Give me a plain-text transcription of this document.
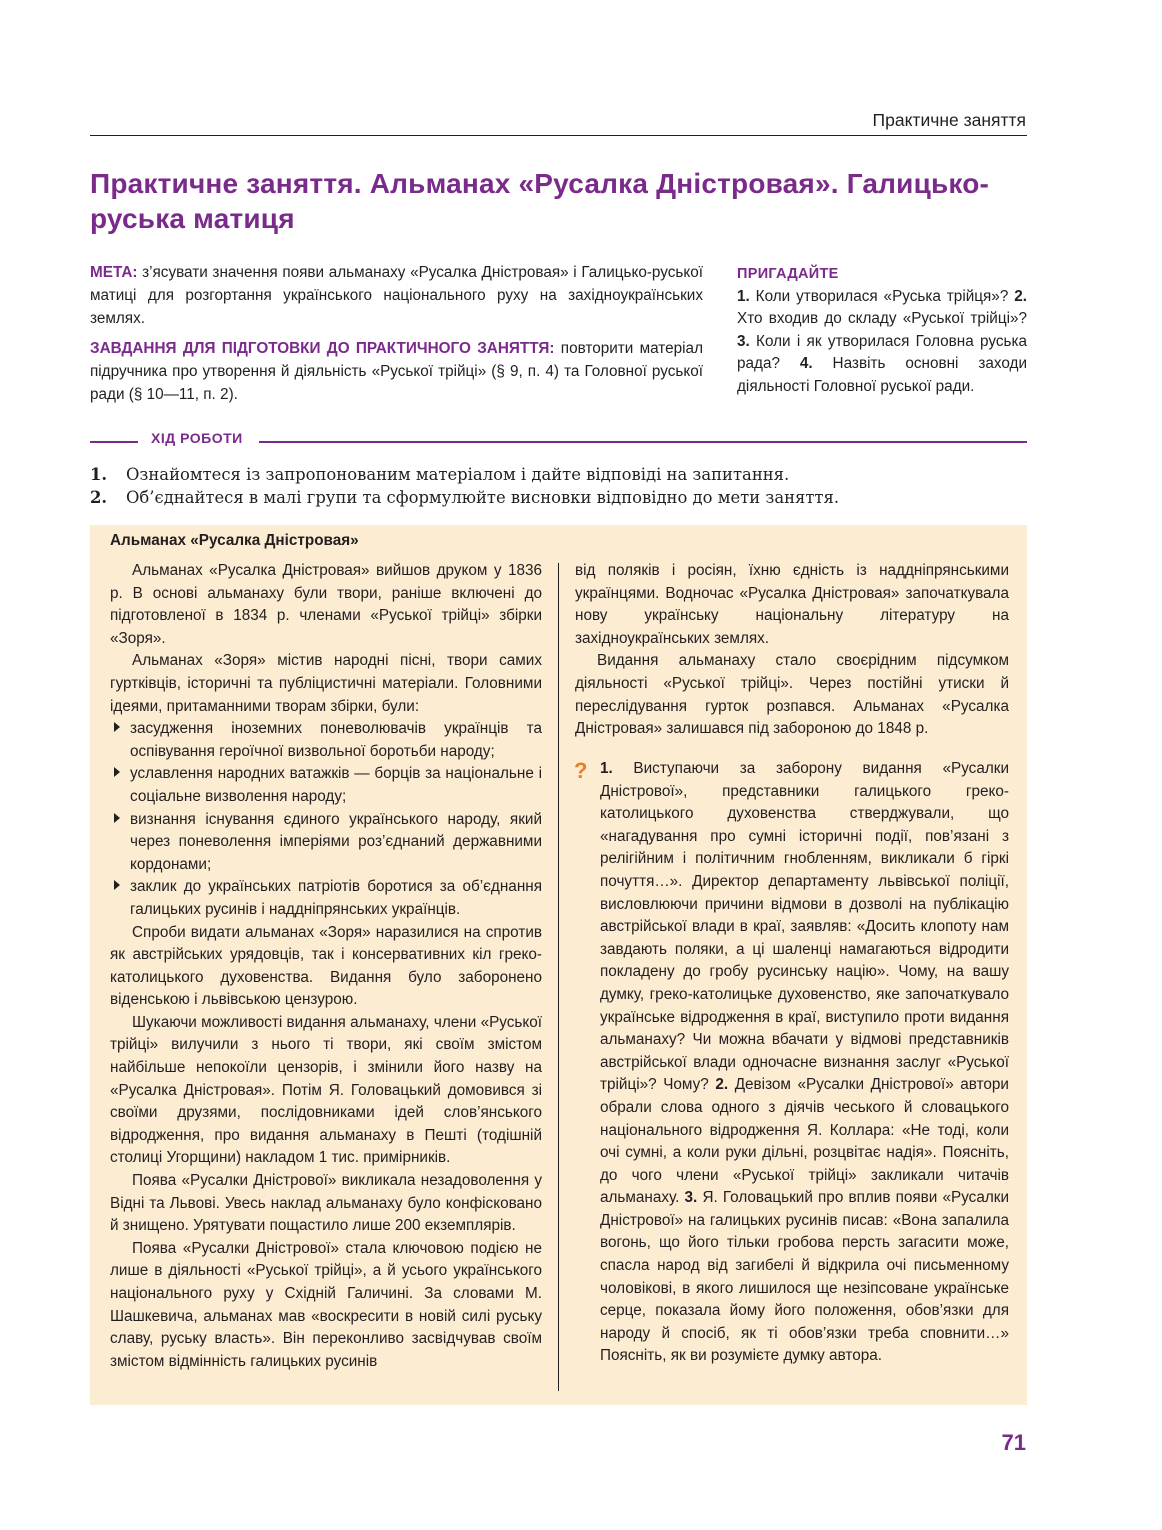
Практичне заняття
Практичне заняття. Альманах «Русалка Дністровая». Галицько-руська матиця
МЕТА: з’ясувати значення появи альманаху «Русалка Дністровая» і Галицько-руської матиці для розгортання українського національного руху на західноукраїнських землях.
ЗАВДАННЯ ДЛЯ ПІДГОТОВКИ ДО ПРАКТИЧНОГО ЗАНЯТТЯ: повторити матеріал підручника про утворення й діяльність «Руської трійці» (§ 9, п. 4) та Головної руської ради (§ 10—11, п. 2).
ПРИГАДАЙТЕ
1. Коли утворилася «Руська трійця»? 2. Хто входив до складу «Руської трійці»? 3. Коли і як утворилася Головна руська рада? 4. Назвіть основні заходи діяльності Головної руської ради.
ХІД РОБОТИ
1.	Ознайомтеся із запропонованим матеріалом і дайте відповіді на запитання.
2.	Об’єднайтеся в малі групи та сформулюйте висновки відповідно до мети заняття.
Альманах «Русалка Дністровая»

Альманах «Русалка Дністровая» вийшов друком у 1836 р. В основі альманаху були твори, раніше включені до підготовленої в 1834 р. членами «Руської трійці» збірки «Зоря».

Альманах «Зоря» містив народні пісні, твори самих гуртківців, історичні та публіцистичні матеріали. Головними ідеями, притаманними творам збірки, були:

засудження іноземних поневолювачів українців та оспівування героїчної визвольної боротьби народу;
уславлення народних ватажків — борців за національне і соціальне визволення народу;
визнання існування єдиного українського народу, який через поневолення імперіями роз’єднаний державними кордонами;
заклик до українських патріотів боротися за об’єднання галицьких русинів і наддніпрянських українців.

Спроби видати альманах «Зоря» наразилися на спротив як австрійських урядовців, так і консервативних кіл греко-католицького духовенства. Видання було заборонено віденською і львівською цензурою.

Шукаючи можливості видання альманаху, члени «Руської трійці» вилучили з нього ті твори, які своїм змістом найбільше непокоїли цензорів, і змінили його назву на «Русалка Дністровая». Потім Я. Головацький домовився зі своїми друзями, послідовниками ідей слов’янського відродження, про видання альманаху в Пешті (тодішній столиці Угорщини) накладом 1 тис. примірників.

Поява «Русалки Дністрової» викликала незадоволення у Відні та Львові. Увесь наклад альманаху було конфісковано й знищено. Урятувати пощастило лише 200 екземплярів.

Поява «Русалки Дністрової» стала ключовою подією не лише в діяльності «Руської трійці», а й усього українського національного руху у Східній Галичині. За словами М. Шашкевича, альманах мав «воскресити в новій силі руську славу, руську власть». Він переконливо засвідчував своїм змістом відмінність галицьких русинів

від поляків і росіян, їхню єдність із наддніпрянськими українцями. Водночас «Русалка Дністровая» започаткувала нову українську національну літературу на західноукраїнських землях.

Видання альманаху стало своєрідним підсумком діяльності «Руської трійці». Через постійні утиски й переслідування гурток розпався. Альманах «Русалка Дністровая» залишався під забороною до 1848 р.

? 1. Виступаючи за заборону видання «Русалки Дністрової», представники галицького греко-католицького духовенства стверджували, що «нагадування про сумні історичні події, пов’язані з релігійним і політичним гнобленням, викликали б гіркі почуття…». Директор департаменту львівської поліції, висловлюючи причини відмови в дозволі на публікацію австрійської влади в краї, заявляв: «Досить клопоту нам завдають поляки, а ці шаленці намагаються відродити покладену до гробу русинську націю». Чому, на вашу думку, греко-католицьке духовенство, яке започаткувало українське відродження в краї, виступило проти видання альманаху? Чи можна вбачати у відмові представників австрійської влади одночасне визнання заслуг «Руської трійці»? Чому? 2. Девізом «Русалки Дністрової» автори обрали слова одного з діячів чеського й словацького національного відродження Я. Коллара: «Не тоді, коли очі сумні, а коли руки дільні, розцвітає надія». Поясніть, до чого члени «Руської трійці» закликали читачів альманаху. 3. Я. Головацький про вплив появи «Русалки Дністрової» на галицьких русинів писав: «Вона запалила вогонь, що його тільки гробова персть загасити може, спасла народ від загибелі й відкрила очі письменному чоловікові, в якого лишилося ще незіпсоване українське серце, показала йому його положення, обов’язки для народу й спосіб, як ті обов’язки треба сповнити…» Поясніть, як ви розумієте думку автора.
71
